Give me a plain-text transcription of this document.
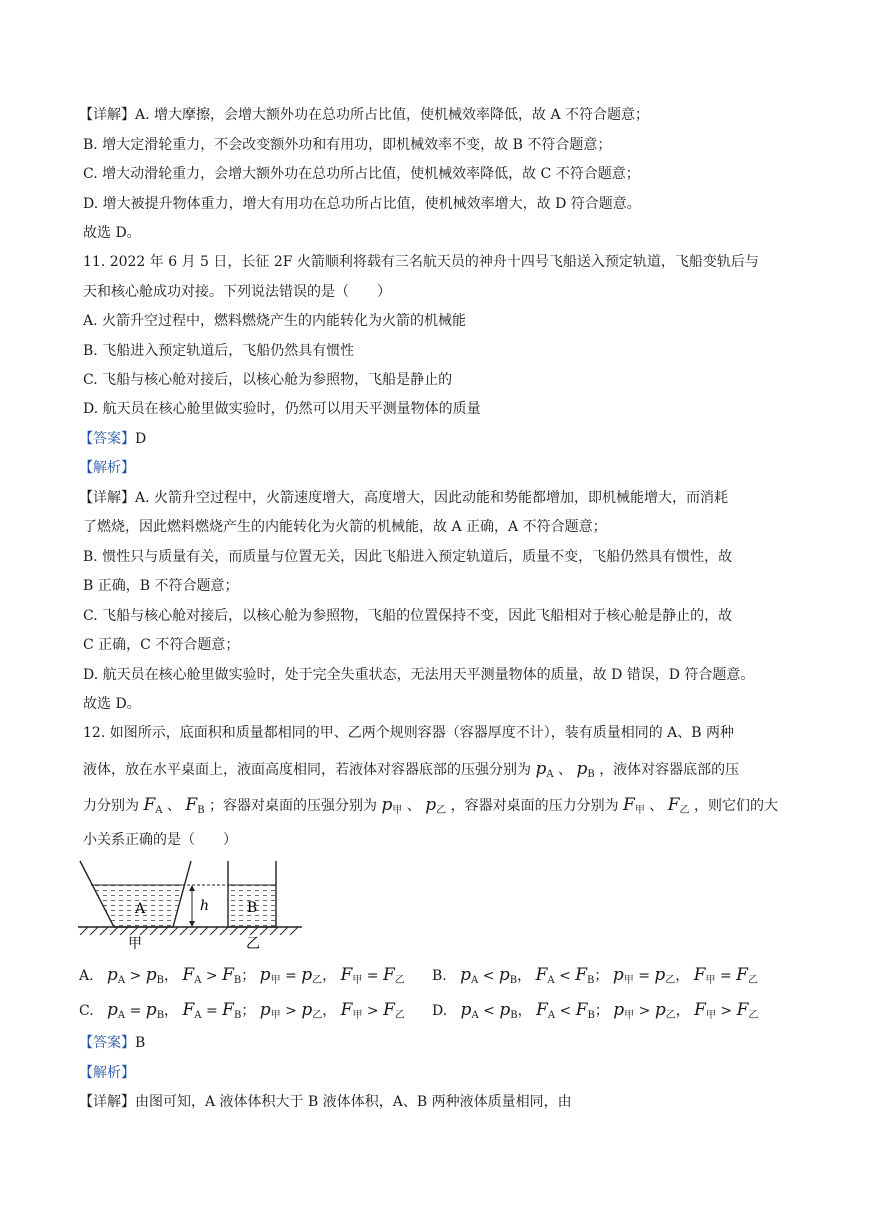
【详解】A. 增大摩擦，会增大额外功在总功所占比值，使机械效率降低，故 A 不符合题意；
B. 增大定滑轮重力，不会改变额外功和有用功，即机械效率不变，故 B 不符合题意；
C. 增大动滑轮重力，会增大额外功在总功所占比值，使机械效率降低，故 C 不符合题意；
D. 增大被提升物体重力，增大有用功在总功所占比值，使机械效率增大，故 D 符合题意。
故选 D。
11. 2022 年 6 月 5 日，长征 2F 火箭顺利将载有三名航天员的神舟十四号飞船送入预定轨道，飞船变轨后与
天和核心舱成功对接。下列说法错误的是（　　）
A. 火箭升空过程中，燃料燃烧产生的内能转化为火箭的机械能
B. 飞船进入预定轨道后，飞船仍然具有惯性
C. 飞船与核心舱对接后，以核心舱为参照物，飞船是静止的
D. 航天员在核心舱里做实验时，仍然可以用天平测量物体的质量
【答案】D
【解析】
【详解】A. 火箭升空过程中，火箭速度增大，高度增大，因此动能和势能都增加，即机械能增大，而消耗
了燃烧，因此燃料燃烧产生的内能转化为火箭的机械能，故 A 正确，A 不符合题意；
B. 惯性只与质量有关，而质量与位置无关，因此飞船进入预定轨道后，质量不变，飞船仍然具有惯性，故
B 正确，B 不符合题意；
C. 飞船与核心舱对接后，以核心舱为参照物，飞船的位置保持不变，因此飞船相对于核心舱是静止的，故
C 正确，C 不符合题意；
D. 航天员在核心舱里做实验时，处于完全失重状态，无法用天平测量物体的质量，故 D 错误，D 符合题意。
故选 D。
12. 如图所示，底面积和质量都相同的甲、乙两个规则容器（容器厚度不计），装有质量相同的 A、B 两种
液体，放在水平桌面上，液面高度相同，若液体对容器底部的压强分别为 $p_A$ 、 $p_B$ ，液体对容器底部的压
力分别为 $F_A$ 、 $F_B$ ；容器对桌面的压强分别为 $p_甲$ 、 $p_乙$ ，容器对桌面的压力分别为 $F_甲$ 、 $F_乙$ ，则它们的大
小关系正确的是（　　）
A	B
h
甲	乙
A. $p_A > p_B$， $F_A > F_B$； $p_甲 = p_乙$， $F_甲 = F_乙$ B. $p_A < p_B$， $F_A < F_B$； $p_甲 = p_乙$， $F_甲 = F_乙$
C. $p_A = p_B$， $F_A = F_B$； $p_甲 > p_乙$， $F_甲 > F_乙$ D. $p_A < p_B$， $F_A < F_B$； $p_甲 > p_乙$， $F_甲 > F_乙$
【答案】B
【解析】
【详解】由图可知，A 液体体积大于 B 液体体积，A、B 两种液体质量相同，由
